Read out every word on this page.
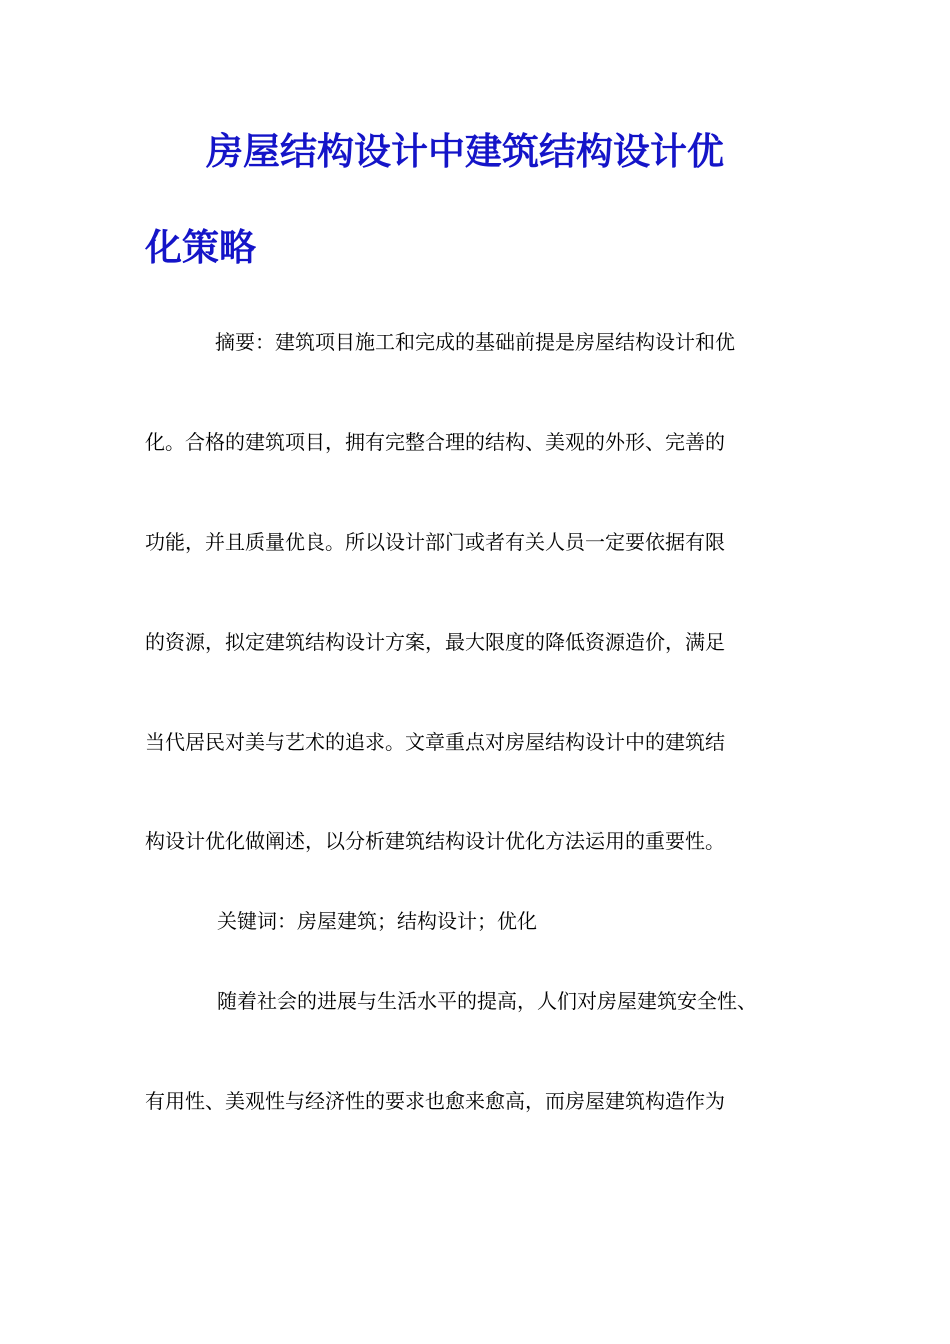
房屋结构设计中建筑结构设计优
化策略
摘要：建筑项目施工和完成的基础前提是房屋结构设计和优
化。合格的建筑项目，拥有完整合理的结构、美观的外形、完善的
功能，并且质量优良。所以设计部门或者有关人员一定要依据有限
的资源，拟定建筑结构设计方案，最大限度的降低资源造价，满足
当代居民对美与艺术的追求。文章重点对房屋结构设计中的建筑结
构设计优化做阐述，以分析建筑结构设计优化方法运用的重要性。
关键词：房屋建筑；结构设计；优化
随着社会的进展与生活水平的提高，人们对房屋建筑安全性、
有用性、美观性与经济性的要求也愈来愈高，而房屋建筑构造作为
